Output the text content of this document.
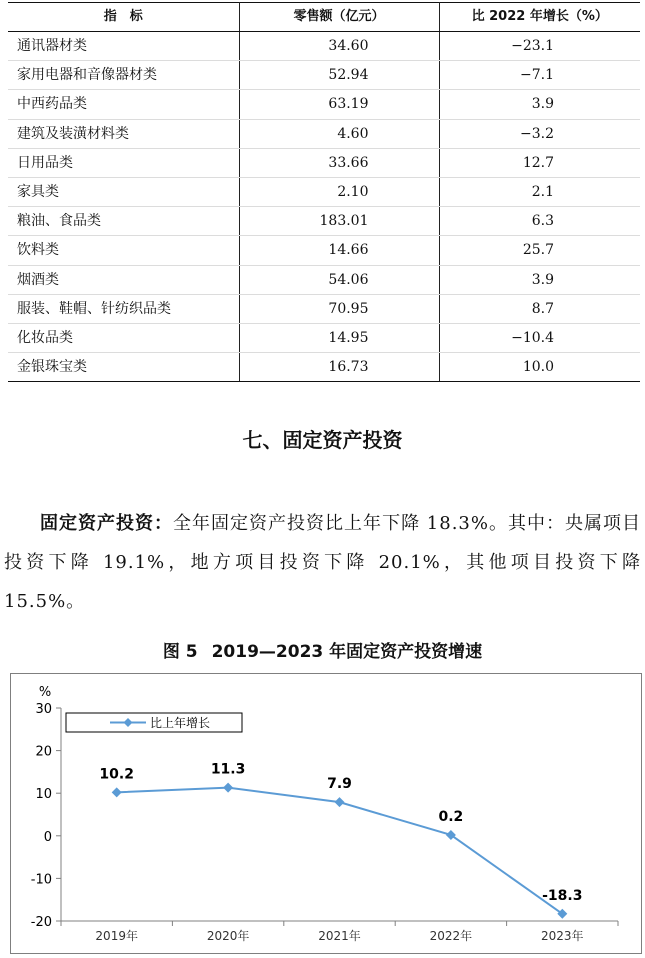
指　标	零售额（亿元）	比 2022 年增长（%）
通讯器材类	34.60	−23.1
家用电器和音像器材类	52.94	−7.1
中西药品类	63.19	3.9
建筑及装潢材料类	4.60	−3.2
日用品类	33.66	12.7
家具类	2.10	2.1
粮油、食品类	183.01	6.3
饮料类	14.66	25.7
烟酒类	54.06	3.9
服装、鞋帽、针纺织品类	70.95	8.7
化妆品类	14.95	−10.4
金银珠宝类	16.73	10.0
七、固定资产投资

固定资产投资：全年固定资产投资比上年下降 18.3%。其中：央属项目投资下降 19.1%，地方项目投资下降 20.1%，其他项目投资下降 15.5%。

图 5 2019—2023 年固定资产投资增速
%
30
20
10
0
-10
-20
2019年	2020年	2021年	2022年	2023年
10.2	11.3
7.9
0.2
-18.3
比上年增长
